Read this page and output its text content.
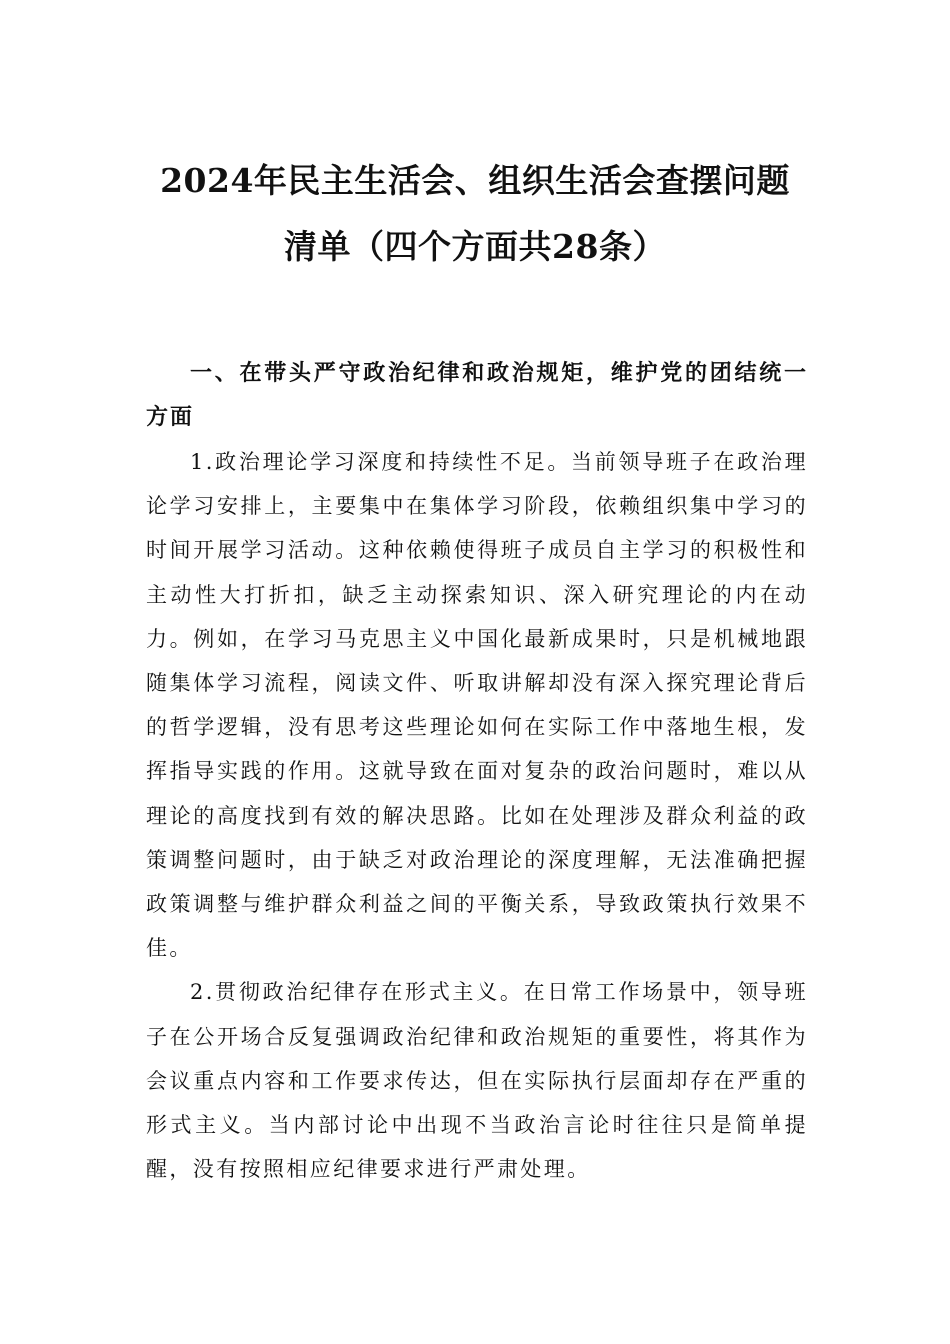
2024年民主生活会、组织生活会查摆问题
清单（四个方面共28条）

一、在带头严守政治纪律和政治规矩，维护党的团结统一方面

1.政治理论学习深度和持续性不足。当前领导班子在政治理论学习安排上，主要集中在集体学习阶段，依赖组织集中学习的时间开展学习活动。这种依赖使得班子成员自主学习的积极性和主动性大打折扣，缺乏主动探索知识、深入研究理论的内在动力。例如，在学习马克思主义中国化最新成果时，只是机械地跟随集体学习流程，阅读文件、听取讲解却没有深入探究理论背后的哲学逻辑，没有思考这些理论如何在实际工作中落地生根，发挥指导实践的作用。这就导致在面对复杂的政治问题时，难以从理论的高度找到有效的解决思路。比如在处理涉及群众利益的政策调整问题时，由于缺乏对政治理论的深度理解，无法准确把握政策调整与维护群众利益之间的平衡关系，导致政策执行效果不佳。

2.贯彻政治纪律存在形式主义。在日常工作场景中，领导班子在公开场合反复强调政治纪律和政治规矩的重要性，将其作为会议重点内容和工作要求传达，但在实际执行层面却存在严重的形式主义。当内部讨论中出现不当政治言论时往往只是简单提醒，没有按照相应纪律要求进行严肃处理。
